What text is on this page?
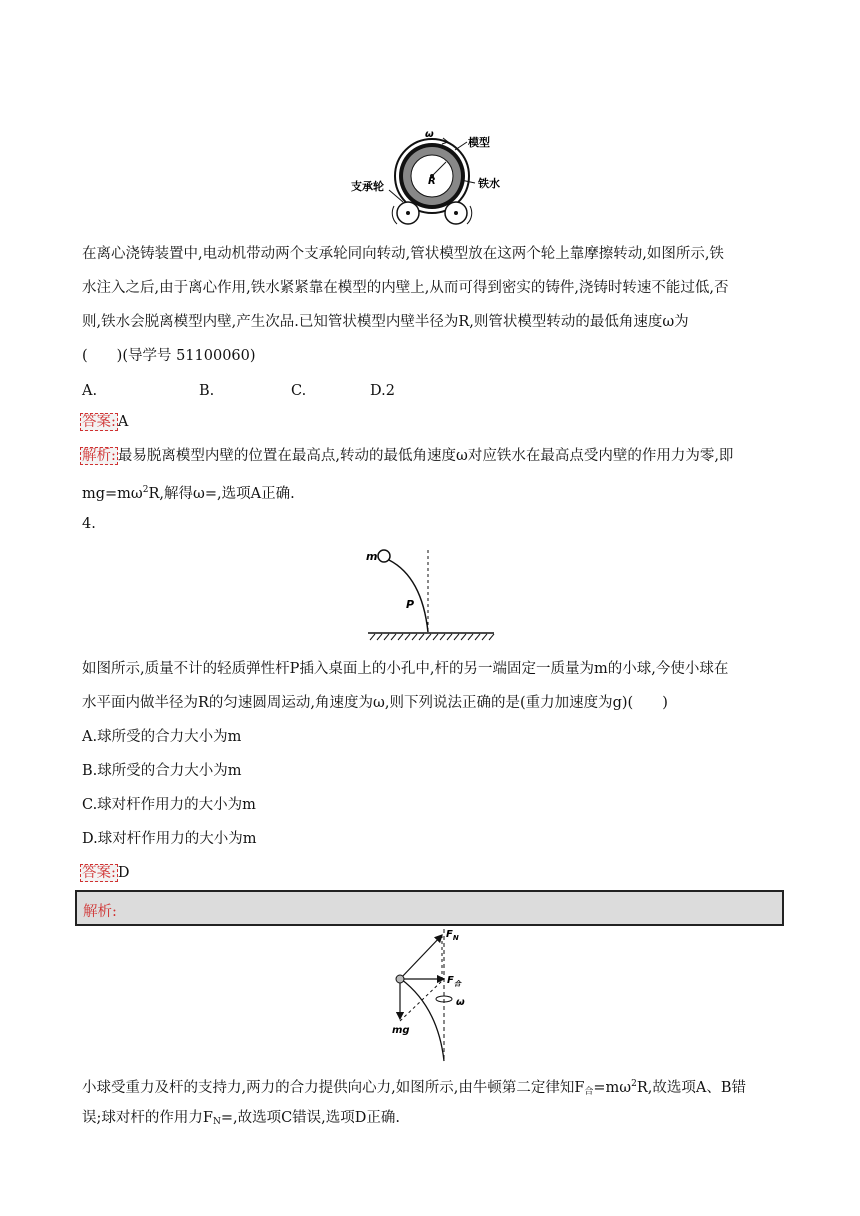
R
ω
模型
铁水
支承轮
在离心浇铸装置中,电动机带动两个支承轮同向转动,管状模型放在这两个轮上靠摩擦转动,如图所示,铁
水注入之后,由于离心作用,铁水紧紧靠在模型的内壁上,从而可得到密实的铸件,浇铸时转速不能过低,否
则,铁水会脱离模型内壁,产生次品.已知管状模型内壁半径为R,则管状模型转动的最低角速度ω为
(　　)(导学号 51100060)
A.	B.	C.	D.2
答案: A
解析: 最易脱离模型内壁的位置在最高点,转动的最低角速度ω对应铁水在最高点受内壁的作用力为零,即
$mg=m\omega^2R$,解得ω=,选项A正确.
4.
m
P
如图所示,质量不计的轻质弹性杆P插入桌面上的小孔中,杆的另一端固定一质量为m的小球,今使小球在
水平面内做半径为R的匀速圆周运动,角速度为ω,则下列说法正确的是(重力加速度为g)(　　)
A.球所受的合力大小为m
B.球所受的合力大小为m
C.球对杆作用力的大小为m
D.球对杆作用力的大小为m
答案: D
解析:
$F_N$
$F_合$
ω
mg
小球受重力及杆的支持力,两力的合力提供向心力,如图所示,由牛顿第二定律知$F_合=m\omega^2R$,故选项A、B错
误;球对杆的作用力$F_N=$,故选项C错误,选项D正确.
